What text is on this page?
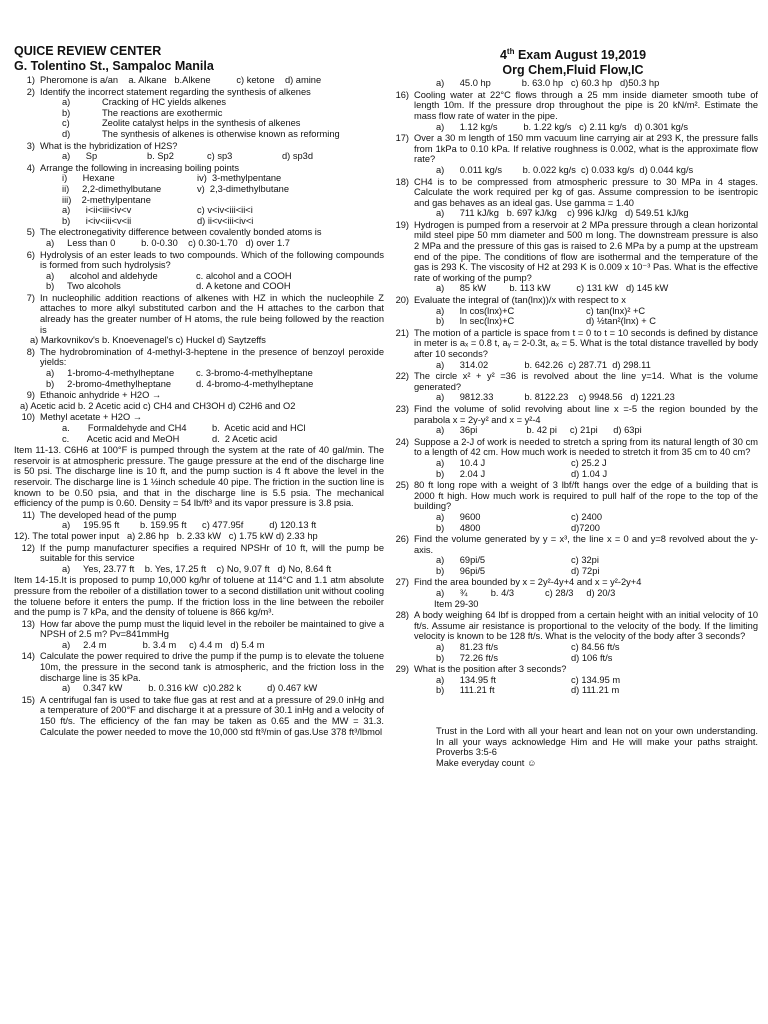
QUICE REVIEW CENTER
G. Tolentino St., Sampaloc Manila
1) Pheromone is a/an    a. Alkane   b.Alkene          c) ketone    d) amine
2) Identify the incorrect statement regarding the synthesis of alkenes
a)	Cracking of HC yields alkenes
b)	The reactions are exothermic
c)	Zeolite catalyst helps in the synthesis of alkenes
d)	The synthesis of alkenes is otherwise known as reforming
3) What is the hybridization of H2S?
a)      Sp	b. Sp2	c) sp3	d) sp3d
4) Arrange the following in increasing boiling points
i)      Hexane	iv)  3-methylpentane
ii)     2,2-dimethylbutane	v)  2,3-dimethylbutane
iii)    2-methylpentane
a)      i<ii<iii<iv<v	c) v<iv<iii<ii<i
b)      i<iv<iii<v<ii	d) ii<v<iii<iv<i
5) The electronegativity difference between covalently bonded atoms is
a)     Less than 0          b. 0-0.30    c) 0.30-1.70   d) over 1.7
6) Hydrolysis of an ester leads to two compounds. Which of the following compounds is formed from such hydrolysis?
a)      alcohol and aldehyde	c. alcohol and a COOH
b)     Two alcohols	d. A ketone and COOH
7) In nucleophilic addition reactions of alkenes with HZ in which the nucleophile Z attaches to more alkyl substituted carbon and the H attaches to the carbon that already has the greater number of H atoms, the rule being followed by the reaction is
a) Markovnikov's b. Knoevenagel's c) Huckel d) Saytzeffs
8) The hydrobromination of 4-methyl-3-heptene in the presence of benzoyl peroxide yields:
a)     1-bromo-4-methylheptane	c. 3-bromo-4-methylheptane
b)     2-bromo-4methylheptane	d. 4-bromo-4-methylheptane
9) Ethanoic anhydride + H2O →
a) Acetic acid b. 2 Acetic acid c) CH4 and CH3OH d) C2H6 and O2
10) Methyl acetate + H2O →
a.       Formaldehyde and CH4	b.  Acetic acid and HCl
c.       Acetic acid and MeOH	d.  2 Acetic acid
Item 11-13. C6H6 at 100°F is pumped through the system at the rate of 40 gal/min. The reservoir is at atmospheric pressure. The gauge pressure at the end of the discharge line is 50 psi. The discharge line is 10 ft, and the pump suction is 4 ft above the level in the reservoir. The discharge line is 1 ½inch schedule 40 pipe. The friction in the suction line is known to be 0.50 psia, and that in the discharge line is 5.5 psia. The mechanical efficiency of the pump is 0.60. Density = 54 lb/ft³ and its vapor pressure is 3.8 psia.
11) The developed head of the pump
a)     195.95 ft        b. 159.95 ft      c) 477.95f          d) 120.13 ft
12). The total power input   a) 2.86 hp   b. 2.33 kW   c) 1.75 kW d) 2.33 hp
12) If the pump manufacturer specifies a required NPSHr of 10 ft, will the pump be suitable for this service
a)     Yes, 23.77 ft    b. Yes, 17.25 ft    c) No, 9.07 ft   d) No, 8.64 ft
Item 14-15.It is proposed to pump 10,000 kg/hr of toluene at 114°C and 1.1 atm absolute pressure from the reboiler of a distillation tower to a second distillation unit without cooling the toluene before it enters the pump. If the friction loss in the line between the reboiler and the pump is 7 kPa, and the density of toluene is 866 kg/m³.
13) How far above the pump must the liquid level in the reboiler be maintained to give a NPSH of 2.5 m? Pv=841mmHg
a)     2.4 m              b. 3.4 m     c) 4.4 m   d) 5.4 m
14) Calculate the power required to drive the pump if the pump is to elevate the toluene 10m, the pressure in the second tank is atmospheric, and the friction loss in the discharge line is 35 kPa.
a)     0.347 kW          b. 0.316 kW  c)0.282 k          d) 0.467 kW
15) A centrifugal fan is used to take flue gas at rest and at a pressure of 29.0 inHg and a temperature of 200°F and discharge it at a pressure of 30.1 inHg and a velocity of 150 ft/s. The efficiency of the fan may be taken as 0.65 and the MW = 31.3. Calculate the power needed to move the 10,000 std ft³/min of gas.Use 378 ft³/lbmol
4th Exam August 19,2019
Org Chem,Fluid Flow,IC
a)      45.0 hp            b. 63.0 hp   c) 60.3 hp   d)50.3 hp
16) Cooling water at 22°C flows through a 25 mm inside diameter smooth tube of length 10m. If the pressure drop throughout the pipe is 20 kN/m². Estimate the mass flow rate of water in the pipe.
a)      1.12 kg/s          b. 1.22 kg/s   c) 2.11 kg/s   d) 0.301 kg/s
17) Over a 30 m length of 150 mm vacuum line carrying air at 293 K, the pressure falls from 1kPa to 0.10 kPa. If relative roughness is 0.002, what is the approximate flow rate?
a)      0.011 kg/s        b. 0.022 kg/s  c) 0.033 kg/s  d) 0.044 kg/s
18) CH4 is to be compressed from atmospheric pressure to 30 MPa in 4 stages. Calculate the work required per kg of gas. Assume compression to be isentropic and gas behaves as an ideal gas. Use gamma = 1.40
a)      711 kJ/kg   b. 697 kJ/kg    c) 996 kJ/kg   d) 549.51 kJ/kg
19) Hydrogen is pumped from a reservoir at 2 MPa pressure through a clean horizontal mild steel pipe 50 mm diameter and 500 m long. The downstream pressure is also 2 MPa and the pressure of this gas is raised to 2.6 MPa by a pump at the upstream end of the pipe. The conditions of flow are isothermal and the temperature of the gas is 293 K. The viscosity of H2 at 293 K is 0.009 x 10⁻³ Pas. What is the effective rate of working of the pump?
a)      85 kW         b. 113 kW          c) 131 kW   d) 145 kW
20) Evaluate the integral of (tan(lnx))/x with respect to x
a)      ln cos(lnx)+C	c) tan(lnx)² +C
b)      ln sec(lnx)+C	d) ½tan²(lnx) + C
21) The motion of a particle is space from t = 0 to t = 10 seconds is defined by distance in meter is aₓ = 0.8 t, aᵧ = 2-0.3t, aₓ = 5. What is the total distance travelled by body after 10 seconds?
a)      314.02              b. 642.26  c) 287.71  d) 298.11
22) The circle x² + y² =36 is revolved about the line y=14. What is the volume generated?
a)      9812.33            b. 8122.23    c) 9948.56   d) 1221.23
23) Find the volume of solid revolving about line x =-5 the region bounded by the parabola x = 2y-y² and x = y²-4
a)      36pi                   b. 42 pi     c) 21pi      d) 63pi
24) Suppose a 2-J of work is needed to stretch a spring from its natural length of 30 cm to a length of 42 cm. How much work is needed to stretch it from 35 cm to 40 cm?
a)      10.4 J	c) 25.2 J
b)      2.04 J	d) 1.04 J
25) 80 ft long rope with a weight of 3 lbf/ft hangs over the edge of a building that is 2000 ft high. How much work is required to pull half of the rope to the top of the building?
a)      9600	c) 2400
b)      4800	d)7200
26) Find the volume generated by y = x³, the line x = 0 and y=8 revolved about the y-axis.
a)      69pi/5	c) 32pi
b)      96pi/5	d) 72pi
27) Find the area bounded by x = 2y²-4y+4 and x = y²-2y+4
a)      ¾         b. 4/3            c) 28/3     d) 20/3
Item 29-30
28) A body weighing 64 lbf is dropped from a certain height with an initial velocity of 10 ft/s. Assume air resistance is proportional to the velocity of the body. If the limiting velocity is known to be 128 ft/s. What is the velocity of the body after 3 seconds?
a)      81.23 ft/s	c) 84.56 ft/s
b)      72.26 ft/s	d) 106 ft/s
29) What is the position after 3 seconds?
a)      134.95 ft	c) 134.95 m
b)      111.21 ft	d) 111.21 m
Trust in the Lord with all your heart and lean not on your own understanding. In all your ways acknowledge Him and He will make your paths straight. Proverbs 3:5-6
Make everyday count ☺
